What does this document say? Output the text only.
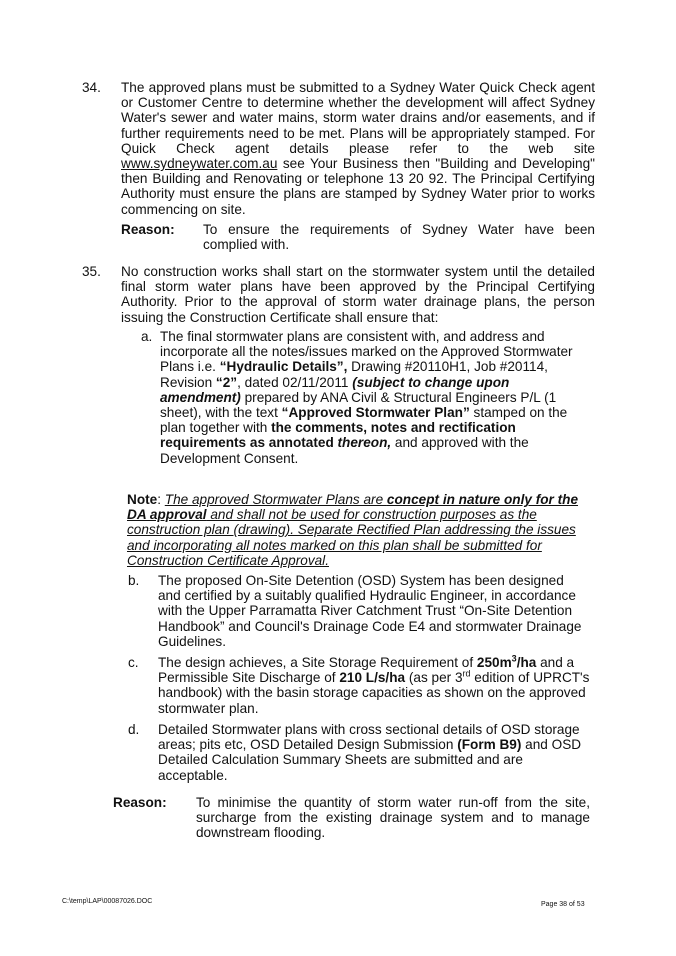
34. The approved plans must be submitted to a Sydney Water Quick Check agent or Customer Centre to determine whether the development will affect Sydney Water's sewer and water mains, storm water drains and/or easements, and if further requirements need to be met. Plans will be appropriately stamped. For Quick Check agent details please refer to the web site www.sydneywater.com.au see Your Business then "Building and Developing" then Building and Renovating or telephone 13 20 92. The Principal Certifying Authority must ensure the plans are stamped by Sydney Water prior to works commencing on site.

Reason: To ensure the requirements of Sydney Water have been complied with.
35. No construction works shall start on the stormwater system until the detailed final storm water plans have been approved by the Principal Certifying Authority. Prior to the approval of storm water drainage plans, the person issuing the Construction Certificate shall ensure that:

a. The final stormwater plans are consistent with, and address and incorporate all the notes/issues marked on the Approved Stormwater Plans i.e. “Hydraulic Details”, Drawing #20110H1, Job #20114, Revision “2”, dated 02/11/2011 (subject to change upon amendment) prepared by ANA Civil & Structural Engineers P/L (1 sheet), with the text “Approved Stormwater Plan” stamped on the plan together with the comments, notes and rectification requirements as annotated thereon, and approved with the Development Consent.
Note: The approved Stormwater Plans are concept in nature only for the DA approval and shall not be used for construction purposes as the construction plan (drawing). Separate Rectified Plan addressing the issues and incorporating all notes marked on this plan shall be submitted for Construction Certificate Approval.
b. The proposed On-Site Detention (OSD) System has been designed and certified by a suitably qualified Hydraulic Engineer, in accordance with the Upper Parramatta River Catchment Trust “On-Site Detention Handbook” and Council's Drainage Code E4 and stormwater Drainage Guidelines.
c. The design achieves, a Site Storage Requirement of $250m^3/ha$ and a Permissible Site Discharge of 210 L/s/ha (as per 3rd edition of UPRCT's handbook) with the basin storage capacities as shown on the approved stormwater plan.
d. Detailed Stormwater plans with cross sectional details of OSD storage areas; pits etc, OSD Detailed Design Submission (Form B9) and OSD Detailed Calculation Summary Sheets are submitted and are acceptable.
Reason: To minimise the quantity of storm water run-off from the site, surcharge from the existing drainage system and to manage downstream flooding.
C:\temp\LAP\00087026.DOC	Page 38 of 53
